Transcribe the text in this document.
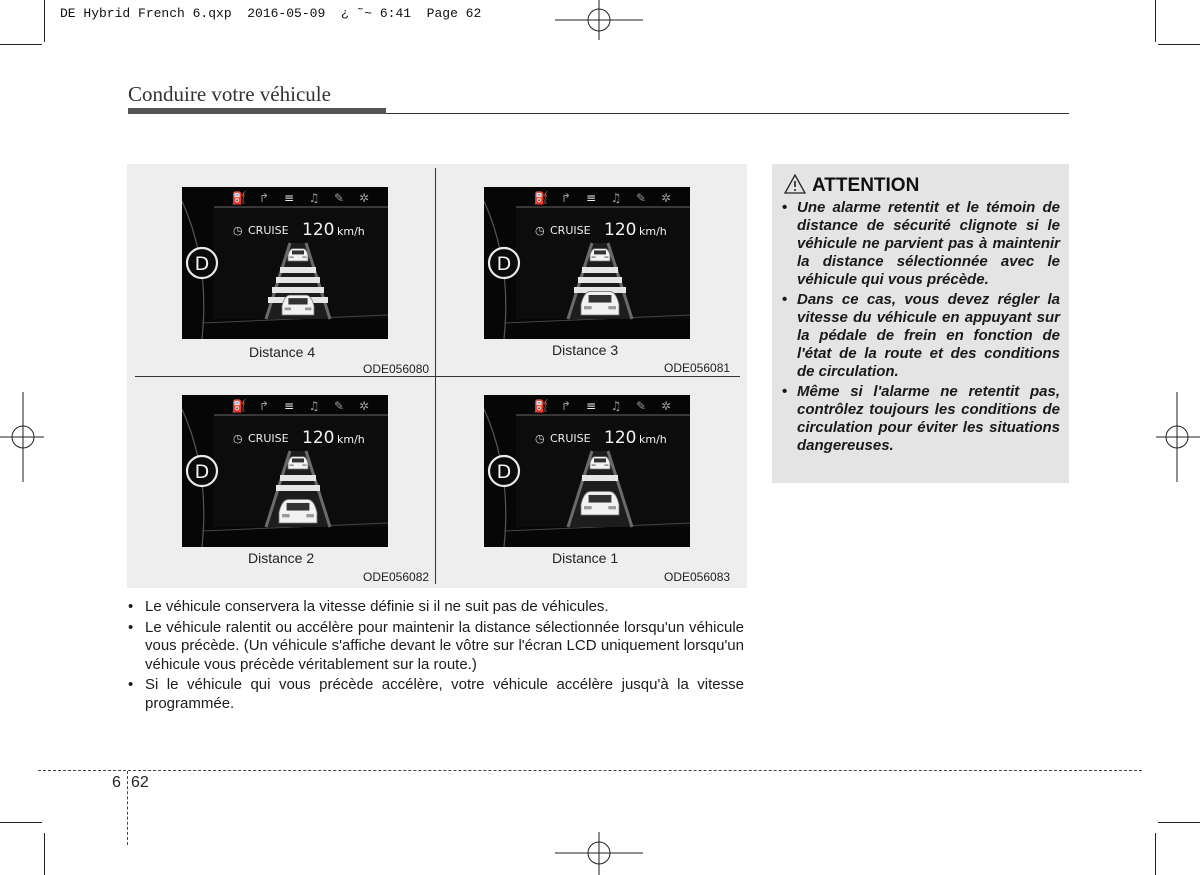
DE Hybrid French 6.qxp  2016-05-09  ¿ ˜~ 6:41  Page 62
Conduire votre véhicule
⛽ ↱ ≡ ♫ ✎ ✲
◷ CRUISE 120 km/h
D
Distance 4
ODE056080
⛽ ↱ ≡ ♫ ✎ ✲
◷ CRUISE 120 km/h
D
Distance 3
ODE056081
⛽ ↱ ≡ ♫ ✎ ✲
◷ CRUISE 120 km/h
D
Distance 2
ODE056082
⛽ ↱ ≡ ♫ ✎ ✲
◷ CRUISE 120 km/h
D
Distance 1
ODE056083
• Le véhicule conservera la vitesse définie si il ne suit pas de véhicules.
• Le véhicule ralentit ou accélère pour maintenir la distance sélectionnée lorsqu'un véhicule vous précède. (Un véhicule s'affiche devant le vôtre sur l'écran LCD uniquement lorsqu'un véhicule vous précède véritablement sur la route.)
• Si le véhicule qui vous précède accélère, votre véhicule accélère jusqu'à la vitesse programmée.
ATTENTION
• Une alarme retentit et le témoin de distance de sécurité clignote si le véhicule ne parvient pas à maintenir la distance sélectionnée avec le véhicule qui vous précède.
• Dans ce cas, vous devez régler la vitesse du véhicule en appuyant sur la pédale de frein en fonction de l'état de la route et des conditions de circulation.
• Même si l'alarme ne retentit pas, contrôlez toujours les conditions de circulation pour éviter les situations dangereuses.
6 62
